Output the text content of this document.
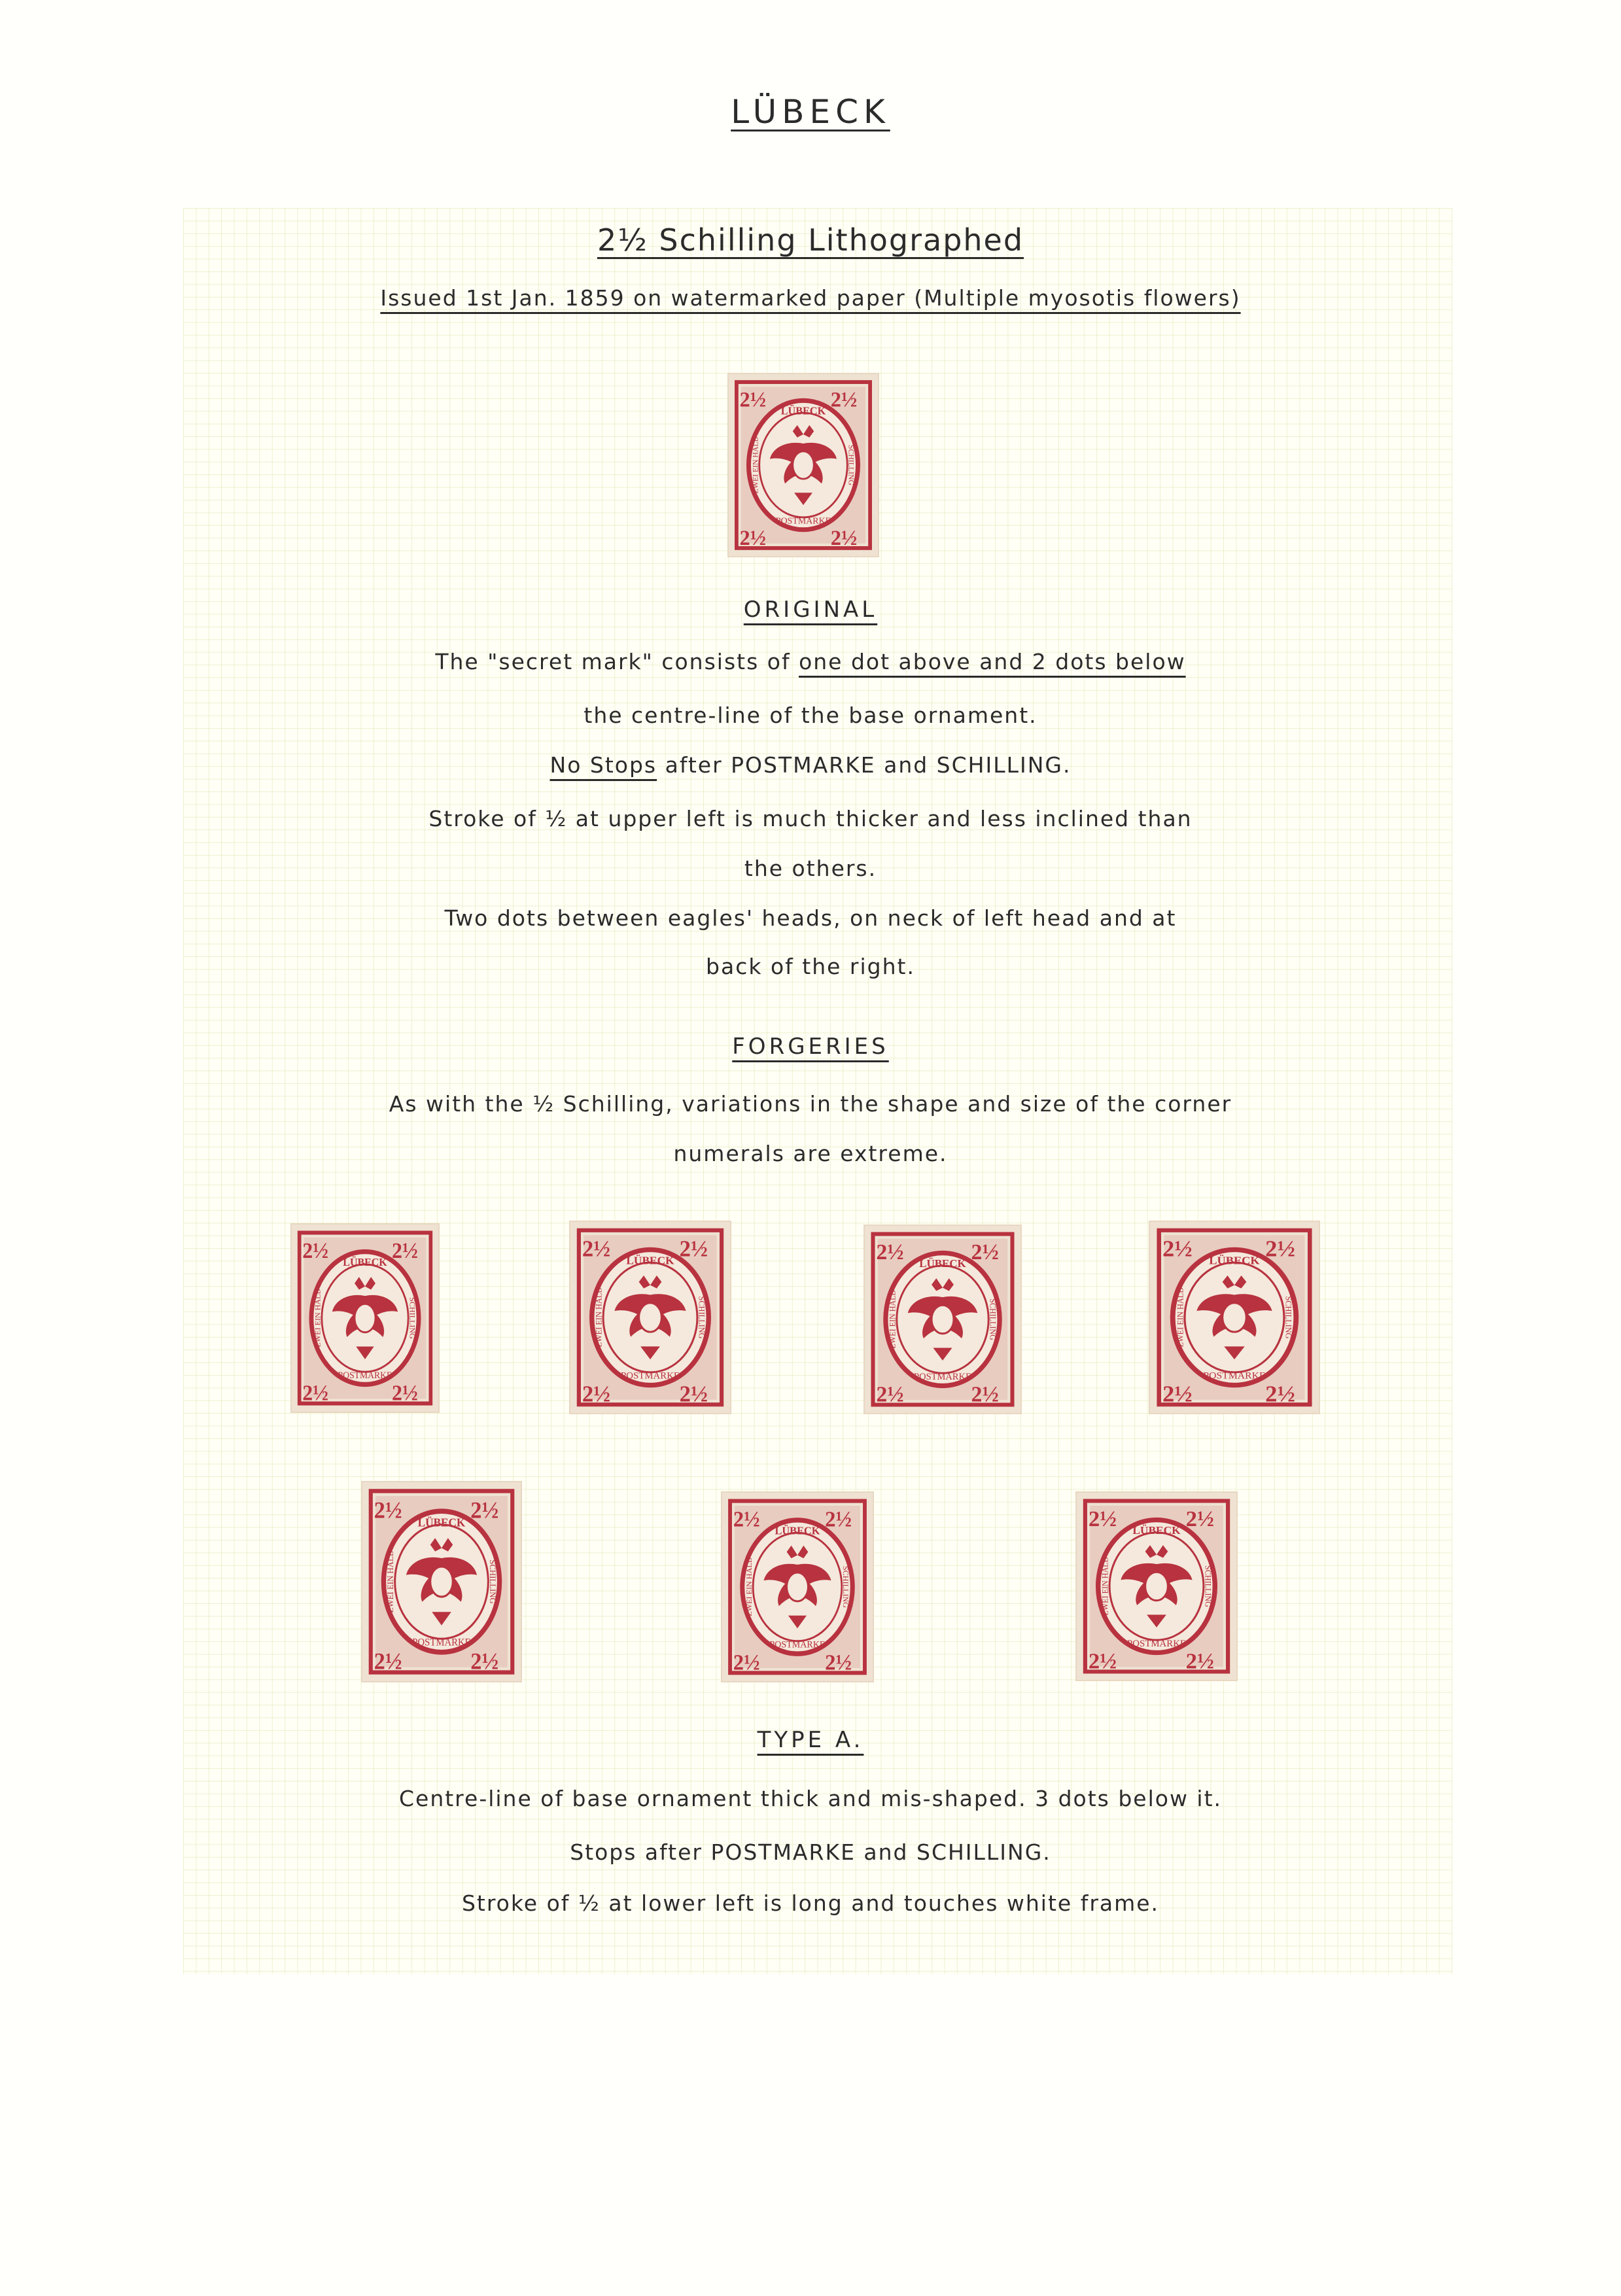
LÜBECK
2½ Schilling Lithographed
Issued 1st Jan. 1859 on watermarked paper (Multiple myosotis flowers)
LÜBECK
POSTMARKE
2½	2½
2½	2½
ZWEI EIN HALB	SCHILLING
ORIGINAL
The "secret mark" consists of one dot above and 2 dots below
the centre-line of the base ornament.
No Stops after POSTMARKE and SCHILLING.
Stroke of ½ at upper left is much thicker and less inclined than
the others.
Two dots between eagles' heads, on neck of left head and at
back of the right.
FORGERIES
As with the ½ Schilling, variations in the shape and size of the corner
numerals are extreme.
LÜBECK
POSTMARKE
2½	2½
2½	2½
ZWEI EIN HALB	SCHILLING
LÜBECK
POSTMARKE
2½	2½
2½	2½
ZWEI EIN HALB	SCHILLING
LÜBECK
POSTMARKE
2½	2½
2½	2½
ZWEI EIN HALB	SCHILLING
LÜBECK
POSTMARKE
2½	2½
2½	2½
ZWEI EIN HALB	SCHILLING
LÜBECK
POSTMARKE
2½	2½
2½	2½
ZWEI EIN HALB	SCHILLING
LÜBECK
POSTMARKE
2½	2½
2½	2½
ZWEI EIN HALB	SCHILLING
LÜBECK
POSTMARKE
2½	2½
2½	2½
ZWEI EIN HALB	SCHILLING
TYPE A.
Centre-line of base ornament thick and mis-shaped. 3 dots below it.
Stops after POSTMARKE and SCHILLING.
Stroke of ½ at lower left is long and touches white frame.
